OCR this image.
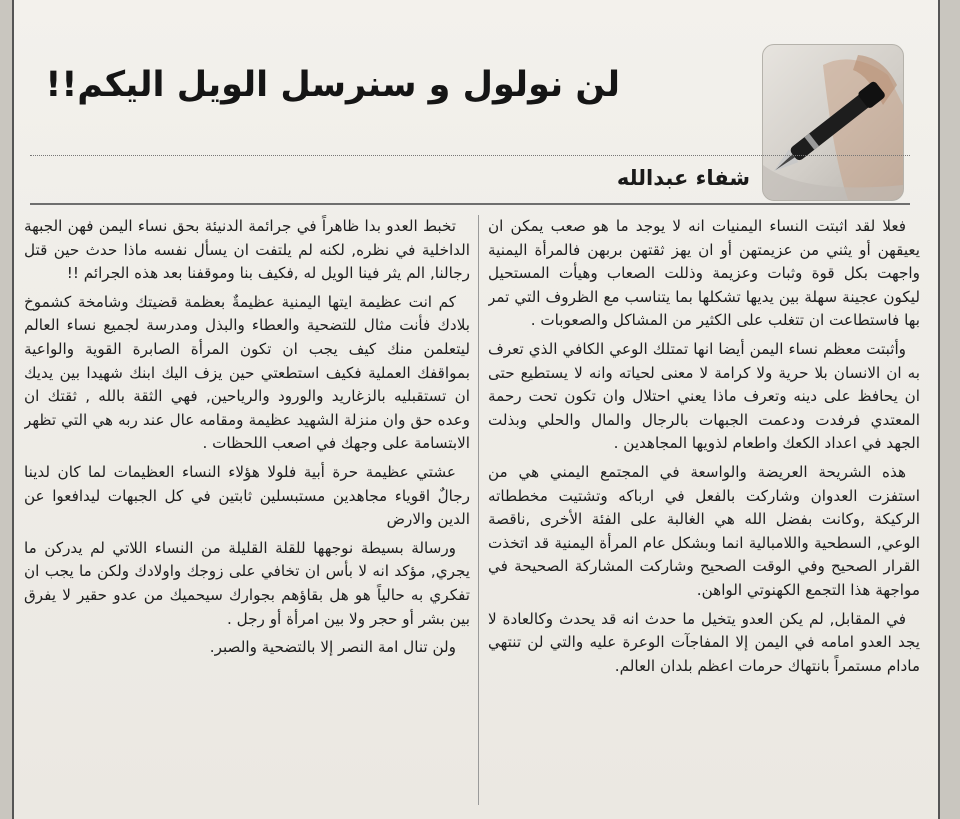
لن نولول و سنرسل الويل اليكم!!
شفاء عبدالله

فعلا لقد اثبتت النساء اليمنيات انه لا يوجد ما هو صعب يمكن ان يعيقهن أو يثني من عزيمتهن أو ان يهز ثقتهن بربهن فالمرأة اليمنية واجهت بكل قوة وثبات وعزيمة وذللت الصعاب وهيأت المستحيل ليكون عجينة سهلة بين يديها تشكلها بما يتناسب مع الظروف التي تمر بها فاستطاعت ان تتغلب على الكثير من المشاكل والصعوبات .

وأثبتت معظم نساء اليمن أيضا انها تمتلك الوعي الكافي الذي تعرف به ان الانسان بلا حرية ولا كرامة لا معنى لحياته وانه لا يستطيع حتى ان يحافظ على دينه وتعرف ماذا يعني احتلال وان تكون تحت رحمة المعتدي فرفدت ودعمت الجبهات بالرجال والمال والحلي وبذلت الجهد في اعداد الكعك واطعام لذويها المجاهدين .

هذه الشريحة العريضة والواسعة في المجتمع اليمني هي من استفزت العدوان وشاركت بالفعل في ارباكه وتشتيت مخططاته الركيكة ,وكانت بفضل الله هي الغالبة على الفئة الأخرى ,ناقصة الوعي, السطحية واللامبالية انما وبشكل عام المرأة اليمنية قد اتخذت القرار الصحيح وفي الوقت الصحيح وشاركت المشاركة الصحيحة في مواجهة هذا التجمع الكهنوتي الواهن.

في المقابل, لم يكن العدو يتخيل ما حدث انه قد يحدث وكالعادة لا يجد العدو امامه في اليمن إلا المفاجآت الوعرة عليه والتي لن تنتهي مادام مستمراً بانتهاك حرمات اعظم بلدان العالم.

تخبط العدو بدا ظاهراً في جرائمة الدنيئة بحق نساء اليمن فهن الجبهة الداخلية في نظره, لكنه لم يلتفت ان يسأل نفسه ماذا حدث حين قتل رجالنا, الم يثر فينا الويل له ,فكيف بنا وموقفنا بعد هذه الجرائم !!

كم انت عظيمة ايتها اليمنية عظيمةٌ بعظمة قضيتك وشامخة كشموخ بلادك فأنت مثال للتضحية والعطاء والبذل ومدرسة لجميع نساء العالم ليتعلمن منك كيف يجب ان تكون المرأة الصابرة القوية والواعية بمواقفك العملية فكيف استطعتي حين يزف اليك ابنك شهيدا بين يديك ان تستقبليه بالزغاريد والورود والرياحين, فهي الثقة بالله , ثقتك ان وعده حق وان منزلة الشهيد عظيمة ومقامه عال عند ربه هي التي تظهر الابتسامة على وجهك في اصعب اللحظات .

عشتي عظيمة حرة أبية فلولا هؤلاء النساء العظيمات لما كان لدينا رجالٌ اقوياء مجاهدين مستبسلين ثابتين في كل الجبهات ليدافعوا عن الدين والارض

ورسالة بسيطة نوجهها للقلة القليلة من النساء اللاتي لم يدركن ما يجري, مؤكد انه لا بأس ان تخافي على زوجك واولادك ولكن ما يجب ان تفكري به حالياً هو هل بقاؤهم بجوارك سيحميك من عدو حقير لا يفرق بين بشر أو حجر ولا بين امرأة أو رجل .

ولن تنال امة النصر إلا بالتضحية والصبر.
